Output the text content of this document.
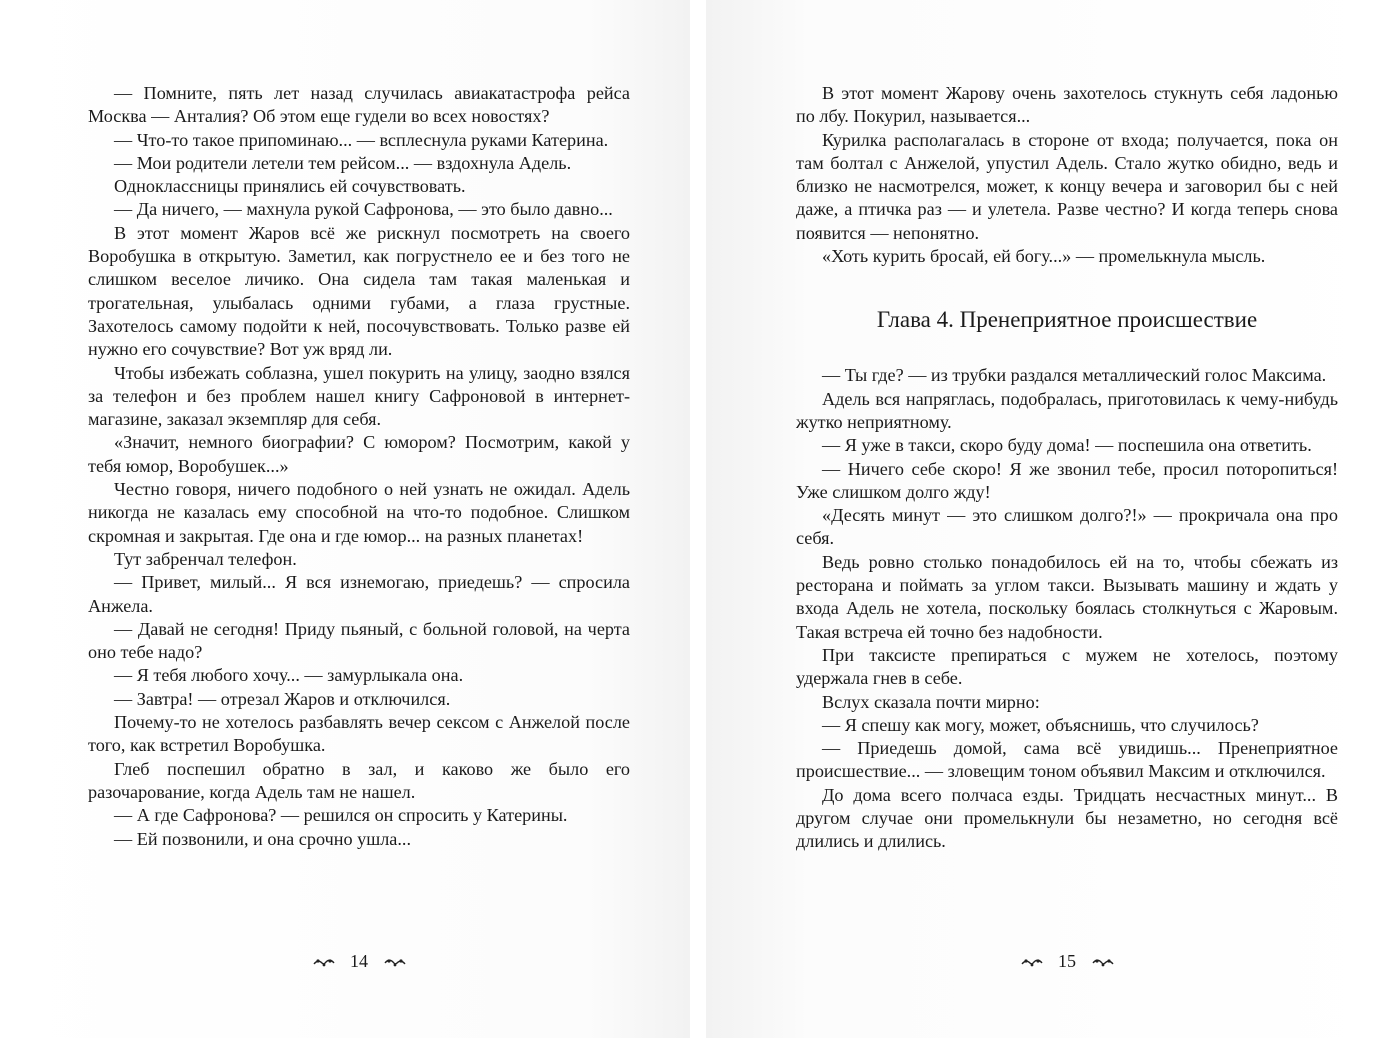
— Помните, пять лет назад случилась авиакатастрофа рейса Москва — Анталия? Об этом еще гудели во всех новостях?

— Что-то такое припоминаю... — всплеснула руками Катерина.

— Мои родители летели тем рейсом... — вздохнула Адель.

Одноклассницы принялись ей сочувствовать.

— Да ничего, — махнула рукой Сафронова, — это было давно...

В этот момент Жаров всё же рискнул посмотреть на своего Воробушка в открытую. Заметил, как погрустнело ее и без того не слишком веселое личико. Она сидела там такая маленькая и трогательная, улыбалась одними губами, а глаза грустные. Захотелось самому подойти к ней, посочувствовать. Только разве ей нужно его сочувствие? Вот уж вряд ли.

Чтобы избежать соблазна, ушел покурить на улицу, заодно взялся за телефон и без проблем нашел книгу Сафроновой в интернет-магазине, заказал экземпляр для себя.

«Значит, немного биографии? С юмором? Посмотрим, какой у тебя юмор, Воробушек...»

Честно говоря, ничего подобного о ней узнать не ожидал. Адель никогда не казалась ему способной на что-то подобное. Слишком скромная и закрытая. Где она и где юмор... на разных планетах!

Тут забренчал телефон.

— Привет, милый... Я вся изнемогаю, приедешь? — спросила Анжела.

— Давай не сегодня! Приду пьяный, с больной головой, на черта оно тебе надо?

— Я тебя любого хочу... — замурлыкала она.

— Завтра! — отрезал Жаров и отключился.

Почему-то не хотелось разбавлять вечер сексом с Анжелой после того, как встретил Воробушка.

Глеб поспешил обратно в зал, и каково же было его разочарование, когда Адель там не нашел.

— А где Сафронова? — решился он спросить у Катерины.

— Ей позвонили, и она срочно ушла...

14

В этот момент Жарову очень захотелось стукнуть себя ладонью по лбу. Покурил, называется...

Курилка располагалась в стороне от входа; получается, пока он там болтал с Анжелой, упустил Адель. Стало жутко обидно, ведь и близко не насмотрелся, может, к концу вечера и заговорил бы с ней даже, а птичка раз — и улетела. Разве честно? И когда теперь снова появится — непонятно.

«Хоть курить бросай, ей богу...» — промелькнула мысль.

Глава 4. Пренеприятное происшествие

— Ты где? — из трубки раздался металлический голос Максима.

Адель вся напряглась, подобралась, приготовилась к чему-нибудь жутко неприятному.

— Я уже в такси, скоро буду дома! — поспешила она ответить.

— Ничего себе скоро! Я же звонил тебе, просил поторопиться! Уже слишком долго жду!

«Десять минут — это слишком долго?!» — прокричала она про себя.

Ведь ровно столько понадобилось ей на то, чтобы сбежать из ресторана и поймать за углом такси. Вызывать машину и ждать у входа Адель не хотела, поскольку боялась столкнуться с Жаровым. Такая встреча ей точно без надобности.

При таксисте препираться с мужем не хотелось, поэтому удержала гнев в себе.

Вслух сказала почти мирно:

— Я спешу как могу, может, объяснишь, что случилось?

— Приедешь домой, сама всё увидишь... Пренеприятное происшествие... — зловещим тоном объявил Максим и отключился.

До дома всего полчаса езды. Тридцать несчастных минут... В другом случае они промелькнули бы незаметно, но сегодня всё длились и длились.

15
